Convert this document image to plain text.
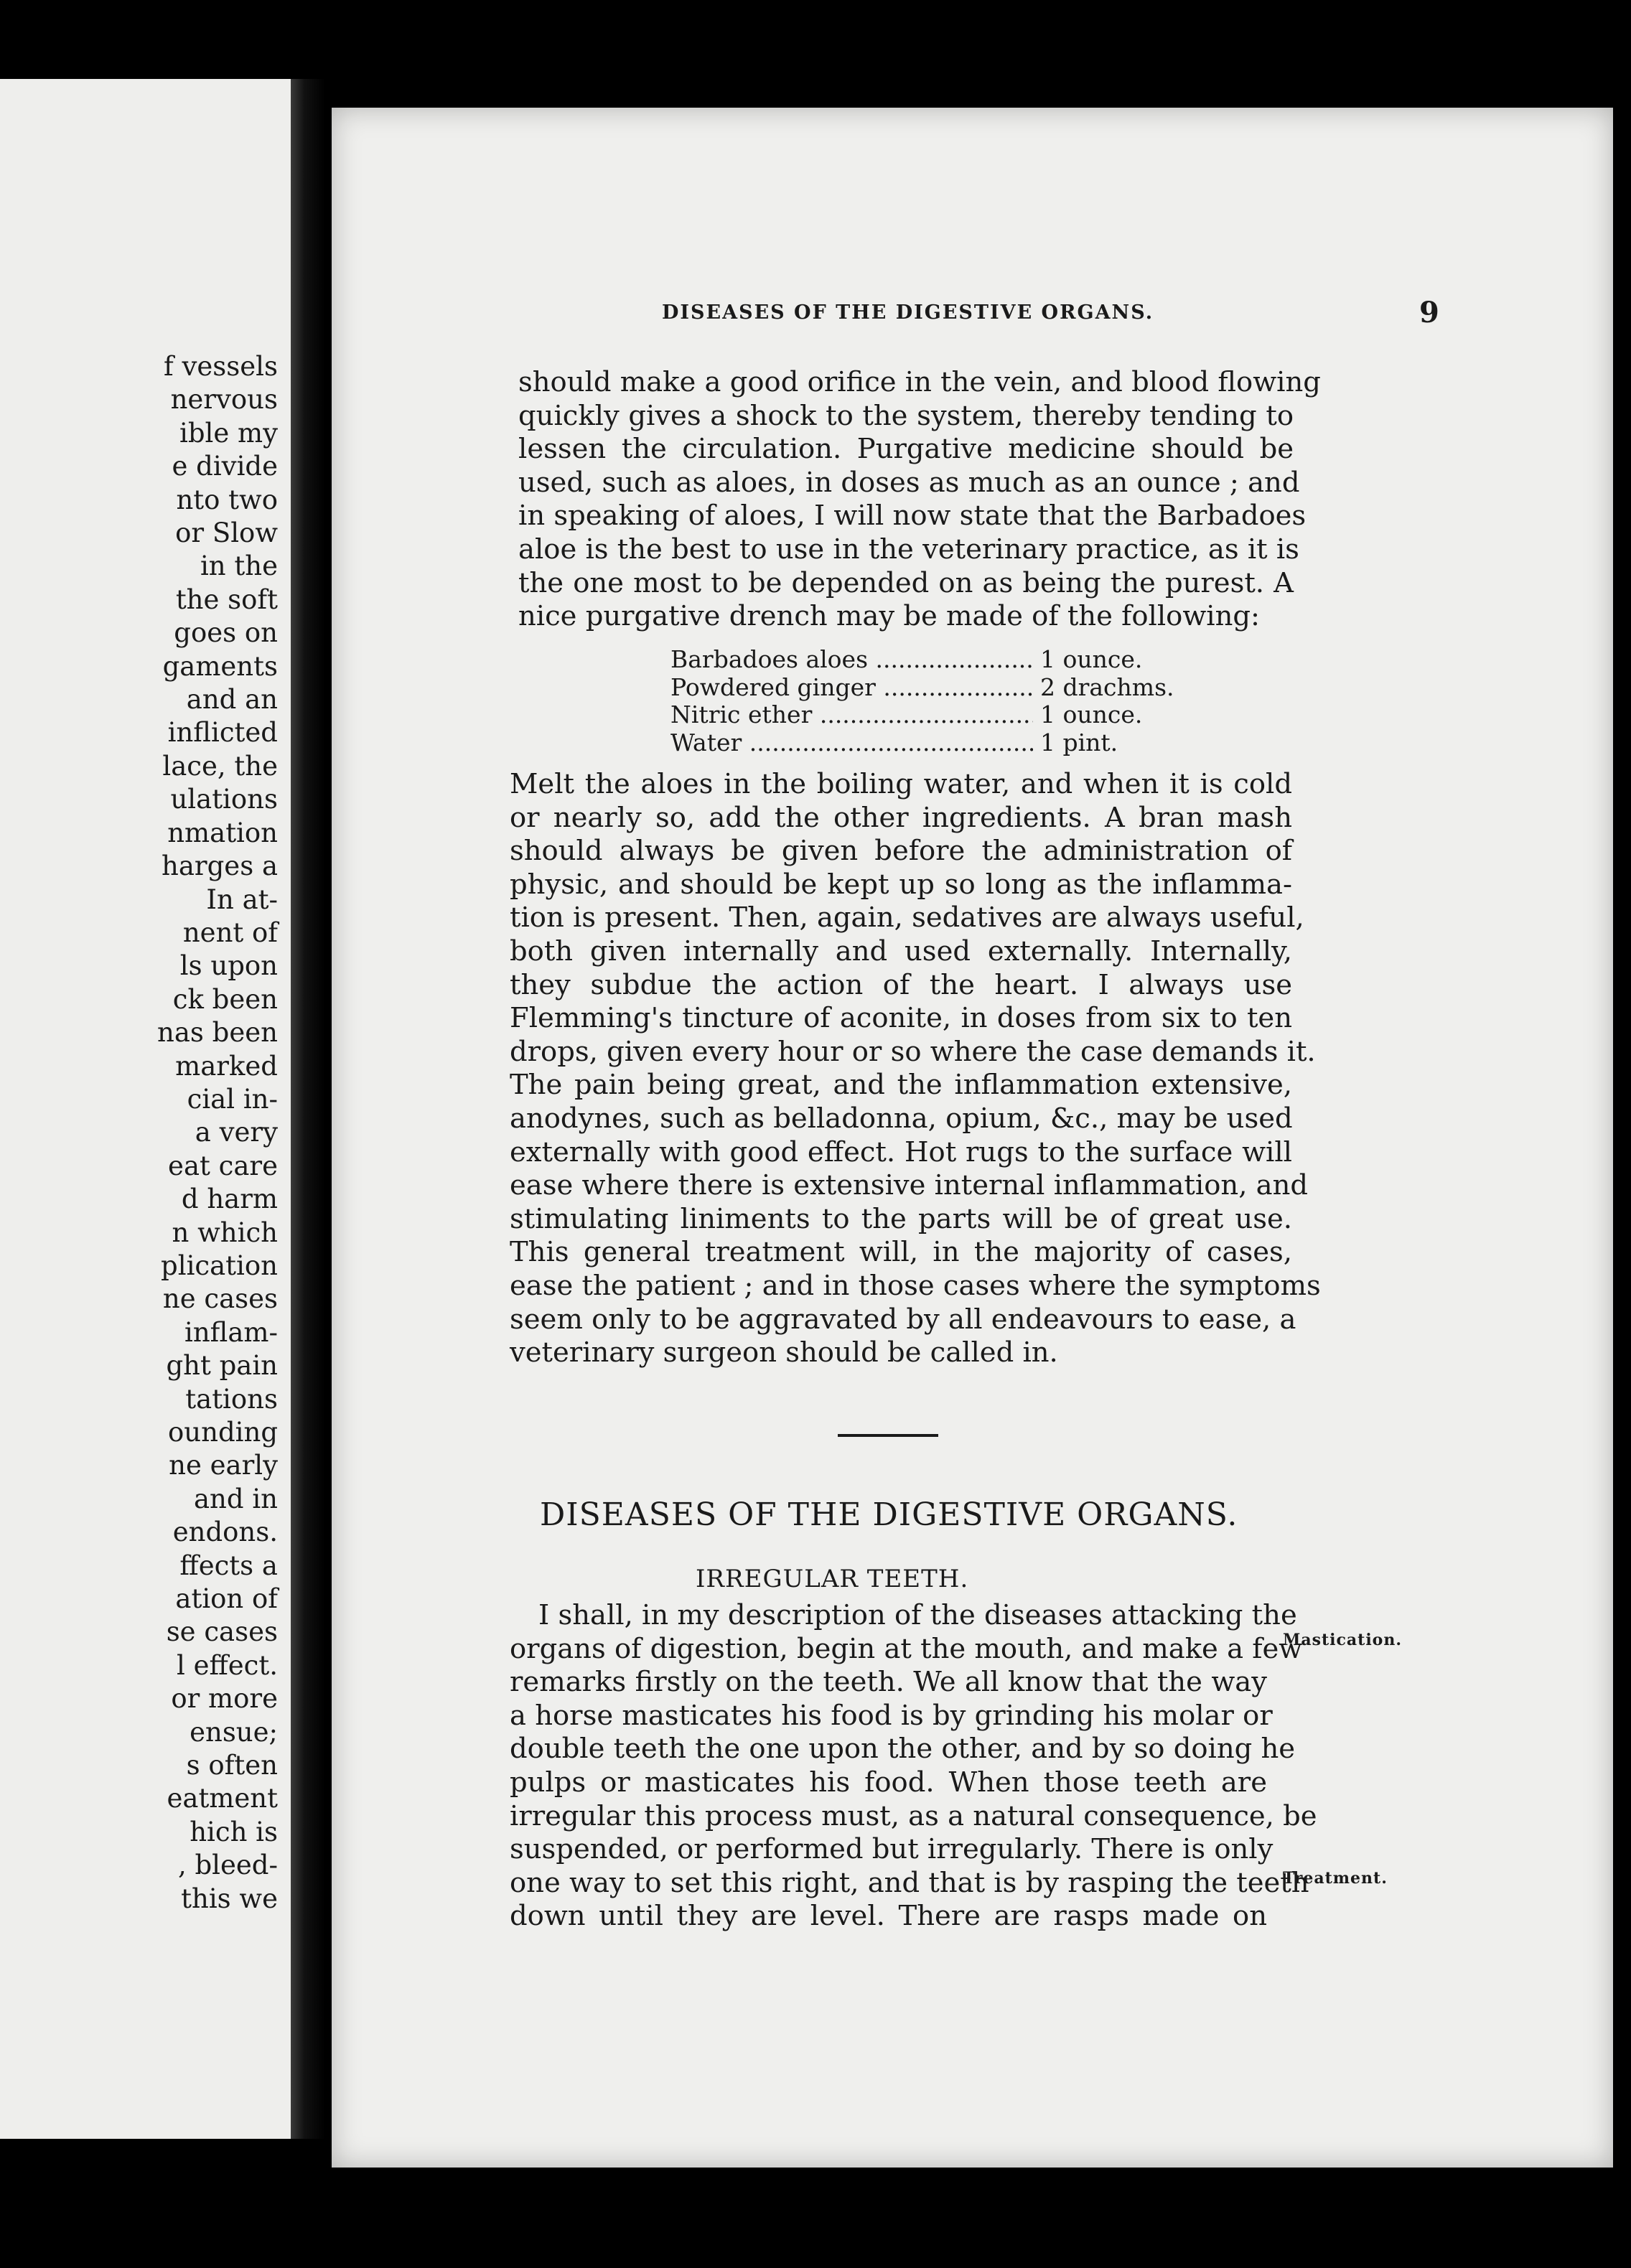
f vessels
nervous
ible my
e divide
nto two
or Slow
in the
the soft
goes on
gaments
and an
inflicted
lace, the
ulations
nmation
harges a
In at-
nent of
ls upon
ck been
nas been
marked
cial in-
a very
eat care
d harm
n which
plication
ne cases
inflam-
ght pain
tations
ounding
ne early
and in
endons.
ffects a
ation of
se cases
l effect.
or more
ensue;
s often
eatment
hich is
, bleed-
this we
DISEASES OF THE DIGESTIVE ORGANS.	9
should make a good orifice in the vein, and blood flowing
quickly gives a shock to the system, thereby tending to
lessen the circulation. Purgative medicine should be
used, such as aloes, in doses as much as an ounce ; and
in speaking of aloes, I will now state that the Barbadoes
aloe is the best to use in the veterinary practice, as it is
the one most to be depended on as being the purest. A
nice purgative drench may be made of the following:
Barbadoes aloes .....	1 ounce.
Powdered ginger .....	2 drachms.
Nitric ether .....	1 ounce.
Water .....	1 pint.
Melt the aloes in the boiling water, and when it is cold
or nearly so, add the other ingredients. A bran mash
should always be given before the administration of
physic, and should be kept up so long as the inflamma-
tion is present. Then, again, sedatives are always useful,
both given internally and used externally. Internally,
they subdue the action of the heart. I always use
Flemming's tincture of aconite, in doses from six to ten
drops, given every hour or so where the case demands it.
The pain being great, and the inflammation extensive,
anodynes, such as belladonna, opium, &c., may be used
externally with good effect. Hot rugs to the surface will
ease where there is extensive internal inflammation, and
stimulating liniments to the parts will be of great use.
This general treatment will, in the majority of cases,
ease the patient ; and in those cases where the symptoms
seem only to be aggravated by all endeavours to ease, a
veterinary surgeon should be called in.
DISEASES OF THE DIGESTIVE ORGANS.
IRREGULAR TEETH.
I shall, in my description of the diseases attacking the
organs of digestion, begin at the mouth, and make a few
remarks firstly on the teeth. We all know that the way
a horse masticates his food is by grinding his molar or
double teeth the one upon the other, and by so doing he
pulps or masticates his food. When those teeth are
irregular this process must, as a natural consequence, be
suspended, or performed but irregularly. There is only
one way to set this right, and that is by rasping the teeth
down until they are level. There are rasps made on
Mastication.
Treatment.
